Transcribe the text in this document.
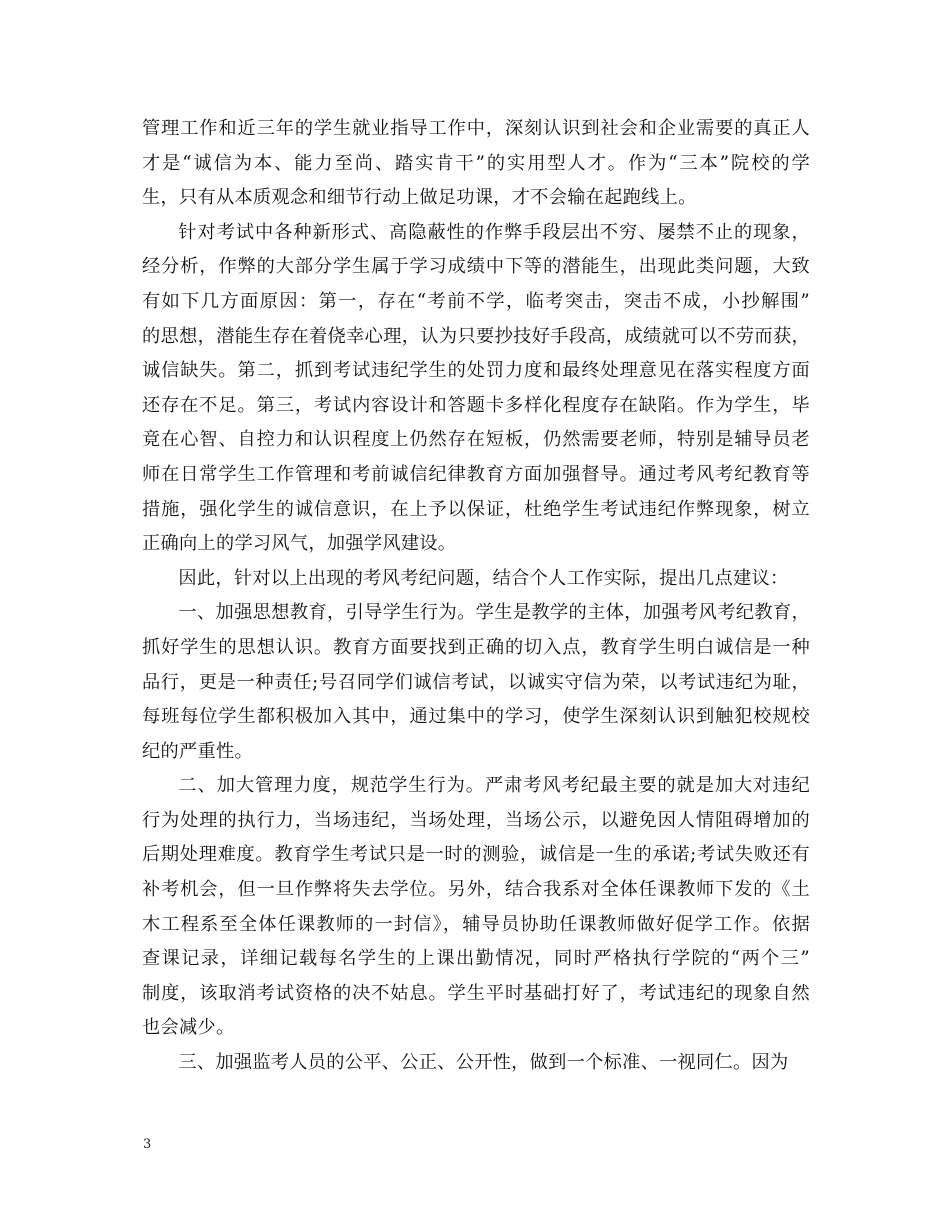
管理工作和近三年的学生就业指导工作中，深刻认识到社会和企业需要的真正人
才是“诚信为本、能力至尚、踏实肯干”的实用型人才。作为“三本”院校的学
生，只有从本质观念和细节行动上做足功课，才不会输在起跑线上。

针对考试中各种新形式、高隐蔽性的作弊手段层出不穷、屡禁不止的现象，
经分析，作弊的大部分学生属于学习成绩中下等的潜能生，出现此类问题，大致
有如下几方面原因：第一，存在“考前不学，临考突击，突击不成，小抄解围”
的思想，潜能生存在着侥幸心理，认为只要抄技好手段高，成绩就可以不劳而获，
诚信缺失。第二，抓到考试违纪学生的处罚力度和最终处理意见在落实程度方面
还存在不足。第三，考试内容设计和答题卡多样化程度存在缺陷。作为学生，毕
竟在心智、自控力和认识程度上仍然存在短板，仍然需要老师，特别是辅导员老
师在日常学生工作管理和考前诚信纪律教育方面加强督导。通过考风考纪教育等
措施，强化学生的诚信意识，在上予以保证，杜绝学生考试违纪作弊现象，树立
正确向上的学习风气，加强学风建设。

因此，针对以上出现的考风考纪问题，结合个人工作实际，提出几点建议：

一、加强思想教育，引导学生行为。学生是教学的主体，加强考风考纪教育，
抓好学生的思想认识。教育方面要找到正确的切入点，教育学生明白诚信是一种
品行，更是一种责任;号召同学们诚信考试，以诚实守信为荣，以考试违纪为耻，
每班每位学生都积极加入其中，通过集中的学习，使学生深刻认识到触犯校规校
纪的严重性。

二、加大管理力度，规范学生行为。严肃考风考纪最主要的就是加大对违纪
行为处理的执行力，当场违纪，当场处理，当场公示，以避免因人情阻碍增加的
后期处理难度。教育学生考试只是一时的测验，诚信是一生的承诺;考试失败还有
补考机会，但一旦作弊将失去学位。另外，结合我系对全体任课教师下发的《土
木工程系至全体任课教师的一封信》，辅导员协助任课教师做好促学工作。依据
查课记录，详细记载每名学生的上课出勤情况，同时严格执行学院的“两个三”
制度，该取消考试资格的决不姑息。学生平时基础打好了，考试违纪的现象自然
也会减少。

三、加强监考人员的公平、公正、公开性，做到一个标准、一视同仁。因为

3
